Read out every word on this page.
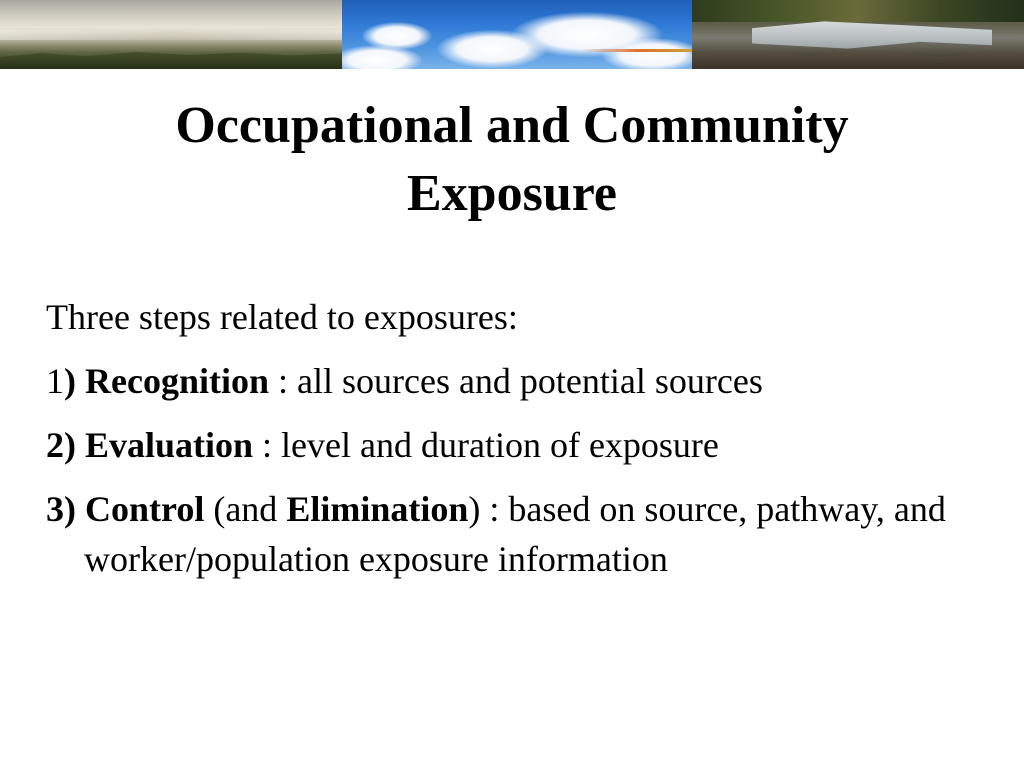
Occupational and Community
Exposure

Three steps related to exposures:

1) Recognition : all sources and potential sources

2) Evaluation : level and duration of exposure

3) Control (and Elimination) : based on source, pathway, and worker/population exposure information
